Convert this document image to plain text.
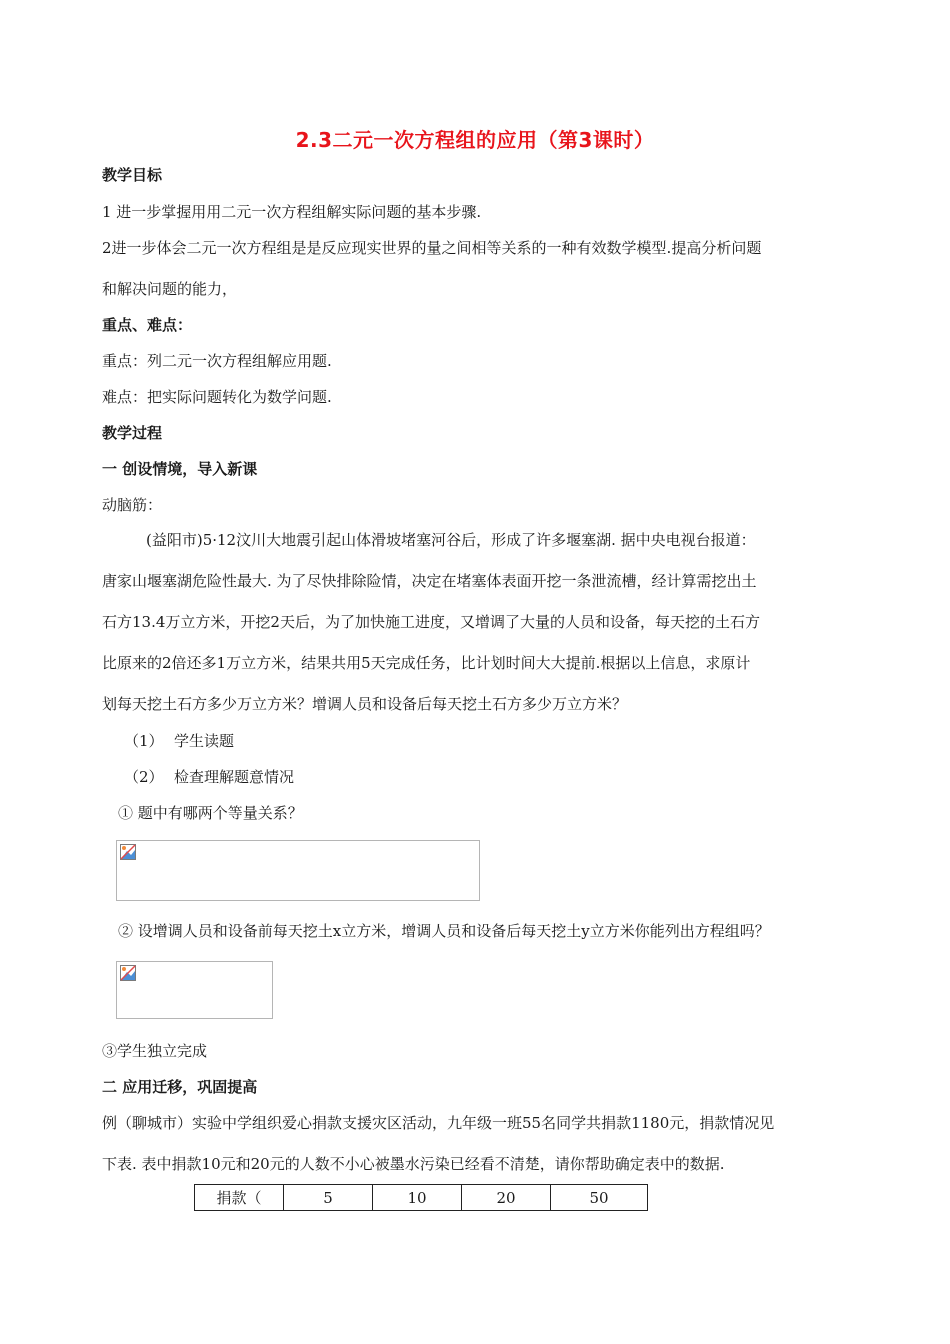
2.3二元一次方程组的应用（第3课时）
教学目标
1 进一步掌握用用二元一次方程组解实际问题的基本步骤.
2进一步体会二元一次方程组是是反应现实世界的量之间相等关系的一种有效数学模型.提高分析问题
和解决问题的能力，
重点、难点：
重点：列二元一次方程组解应用题.
难点：把实际问题转化为数学问题.
教学过程
一 创设情境，导入新课
动脑筋：
(益阳市)5·12汶川大地震引起山体滑坡堵塞河谷后，形成了许多堰塞湖. 据中央电视台报道：
唐家山堰塞湖危险性最大. 为了尽快排除险情，决定在堵塞体表面开挖一条泄流槽，经计算需挖出土
石方13.4万立方米，开挖2天后，为了加快施工进度，又增调了大量的人员和设备，每天挖的土石方
比原来的2倍还多1万立方米，结果共用5天完成任务，比计划时间大大提前.根据以上信息，求原计
划每天挖土石方多少万立方米？增调人员和设备后每天挖土石方多少万立方米？
（1） 学生读题
（2） 检查理解题意情况
① 题中有哪两个等量关系？
② 设增调人员和设备前每天挖土x立方米，增调人员和设备后每天挖土y立方米你能列出方程组吗？
③学生独立完成
二 应用迁移，巩固提高
例（聊城市）实验中学组织爱心捐款支援灾区活动，九年级一班55名同学共捐款1180元，捐款情况见
下表. 表中捐款10元和20元的人数不小心被墨水污染已经看不清楚，请你帮助确定表中的数据.
捐款（	5	10	20	50
